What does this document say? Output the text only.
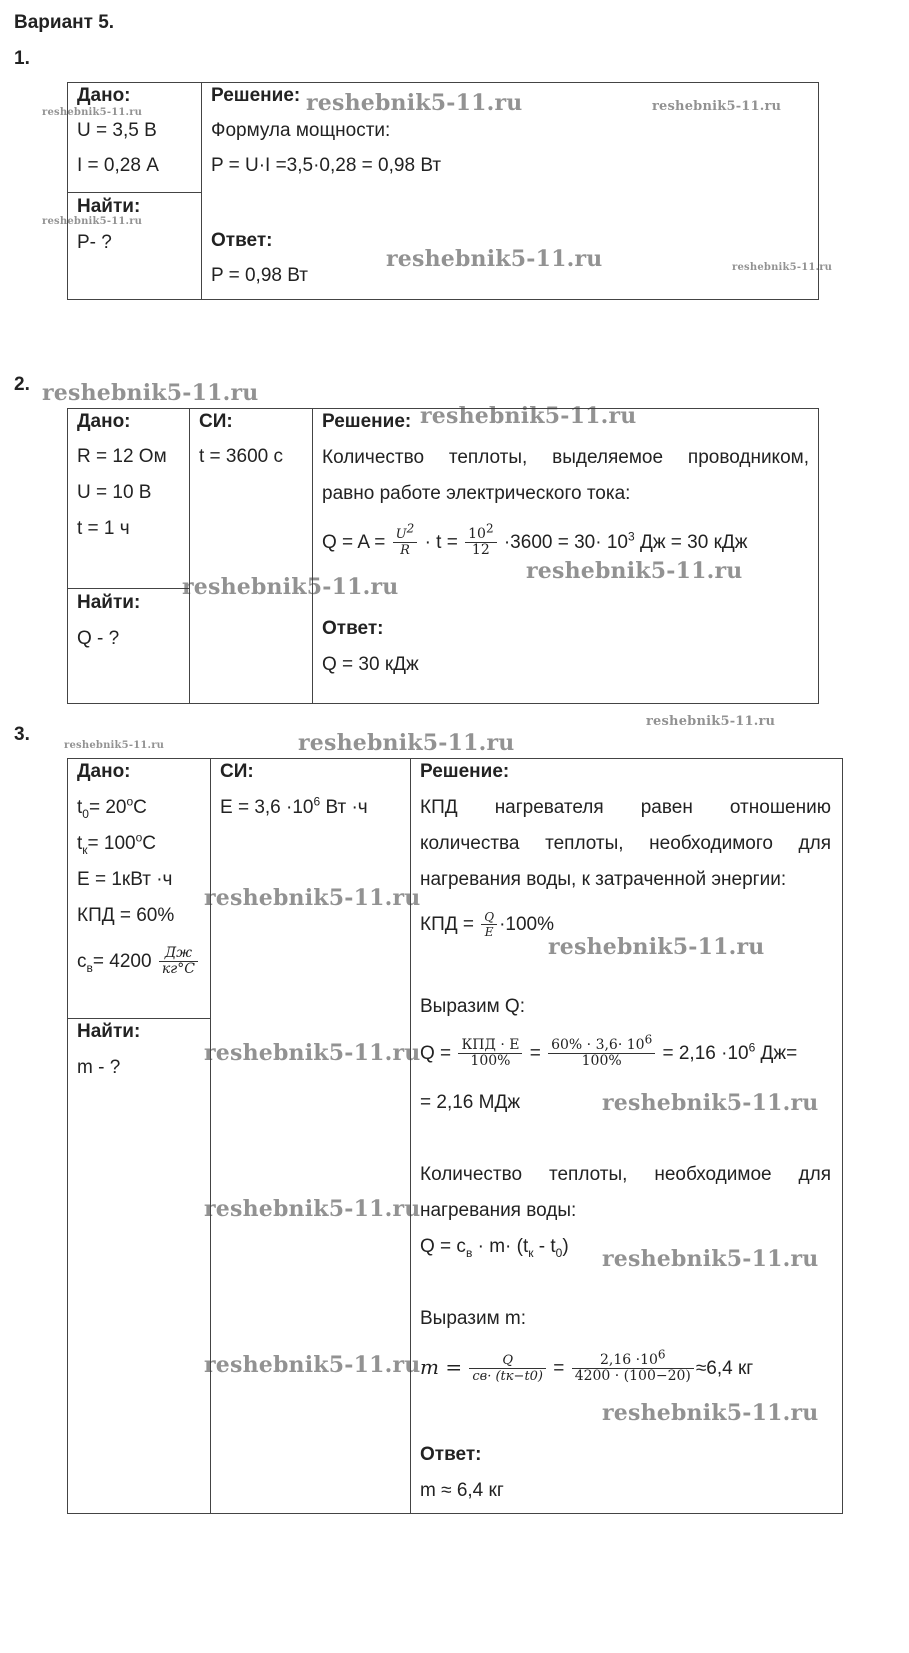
Вариант 5.
1.
Дано:
U = 3,5 В
I = 0,28 А
Найти:
P- ?
Решение:
Формула мощности:
P = U·I =3,5·0,28 = 0,98 Вт
Ответ:
P = 0,98 Вт
2.
Дано:
R = 12 Ом
U = 10 В
t = 1 ч
Найти:
Q - ?
СИ:
t = 3600 с
Решение:
Количество теплоты, выделяемое проводником,
равно работе электрического тока:
$Q = A = \frac{U^2}{R} \cdot t = \frac{10^2}{12} \cdot 3600 = 30\cdot 10^3$ Дж = 30 кДж
Ответ:
Q = 30 кДж
3.
Дано:
$t_0= 20^oC$
$t_к= 100^oC$
E = 1кВт ·ч
КПД = 60%
$c_в= 4200 \frac{Дж}{кг^\circ C}$
Найти:
m - ?
СИ:
$E = 3,6 \cdot 10^6$ Вт ·ч
Решение:
КПД нагревателя равен отношению
количества теплоты, необходимого для
нагревания воды, к затраченной энергии:
КПД = $\frac{Q}{E} \cdot 100\%$
Выразим Q:
$Q = \frac{\text{КПД · E}}{100\%} = \frac{60\% \cdot 3,6\cdot 10^6}{100\%} = 2,16 \cdot 10^6$ Дж=
= 2,16 МДж
Количество теплоты, необходимое для
нагревания воды:
$Q = c_в \cdot m\cdot (t_к - t_0)$
Выразим m:
$m = \frac{Q}{cв\cdot (tк-t0)} = \frac{2,16 \cdot 10^6}{4200 \cdot (100-20)} \approx 6,4$ кг
Ответ:
m ≈ 6,4 кг
reshebnik5-11.ru	reshebnik5-11.ru
reshebnik5-11.ru
reshebnik5-11.ru
reshebnik5-11.ru	reshebnik5-11.ru
reshebnik5-11.ru
reshebnik5-11.ru
reshebnik5-11.ru
reshebnik5-11.ru
reshebnik5-11.ru
reshebnik5-11.ru	reshebnik5-11.ru
reshebnik5-11.ru
reshebnik5-11.ru
reshebnik5-11.ru
reshebnik5-11.ru
reshebnik5-11.ru
reshebnik5-11.ru
reshebnik5-11.ru
reshebnik5-11.ru
